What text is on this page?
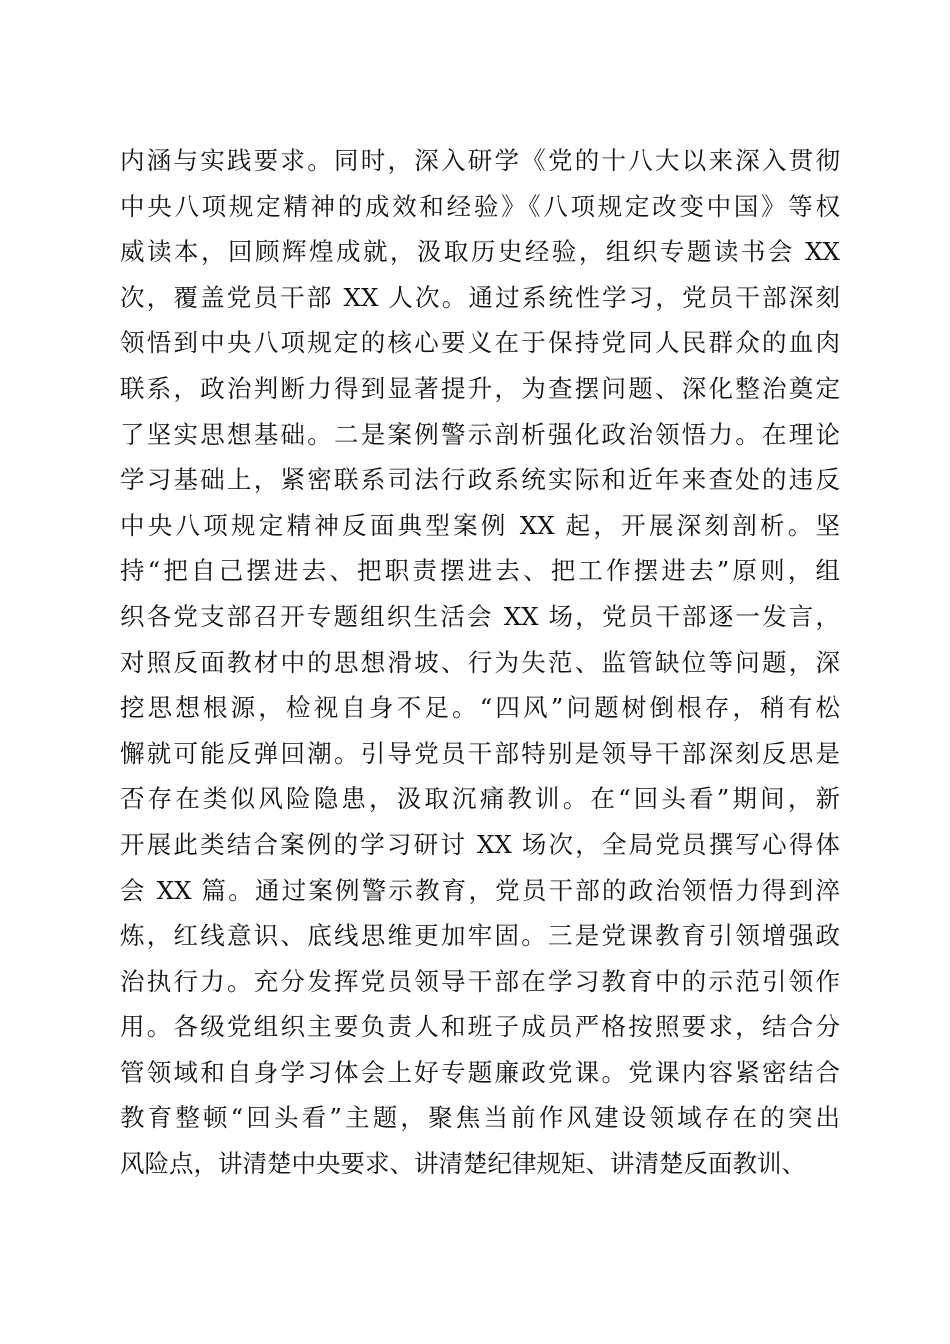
内涵与实践要求。同时，深入研学《党的十八大以来深入贯彻
中央八项规定精神的成效和经验》《八项规定改变中国》等权
威读本，回顾辉煌成就，汲取历史经验，组织专题读书会 XX
次，覆盖党员干部 XX 人次。通过系统性学习，党员干部深刻
领悟到中央八项规定的核心要义在于保持党同人民群众的血肉
联系，政治判断力得到显著提升，为查摆问题、深化整治奠定
了坚实思想基础。二是案例警示剖析强化政治领悟力。在理论
学习基础上，紧密联系司法行政系统实际和近年来查处的违反
中央八项规定精神反面典型案例 XX 起，开展深刻剖析。坚
持“把自己摆进去、把职责摆进去、把工作摆进去”原则，组
织各党支部召开专题组织生活会 XX 场，党员干部逐一发言，
对照反面教材中的思想滑坡、行为失范、监管缺位等问题，深
挖思想根源，检视自身不足。“四风”问题树倒根存，稍有松
懈就可能反弹回潮。引导党员干部特别是领导干部深刻反思是
否存在类似风险隐患，汲取沉痛教训。在“回头看”期间，新
开展此类结合案例的学习研讨 XX 场次，全局党员撰写心得体
会 XX 篇。通过案例警示教育，党员干部的政治领悟力得到淬
炼，红线意识、底线思维更加牢固。三是党课教育引领增强政
治执行力。充分发挥党员领导干部在学习教育中的示范引领作
用。各级党组织主要负责人和班子成员严格按照要求，结合分
管领域和自身学习体会上好专题廉政党课。党课内容紧密结合
教育整顿“回头看”主题，聚焦当前作风建设领域存在的突出
风险点，讲清楚中央要求、讲清楚纪律规矩、讲清楚反面教训、
